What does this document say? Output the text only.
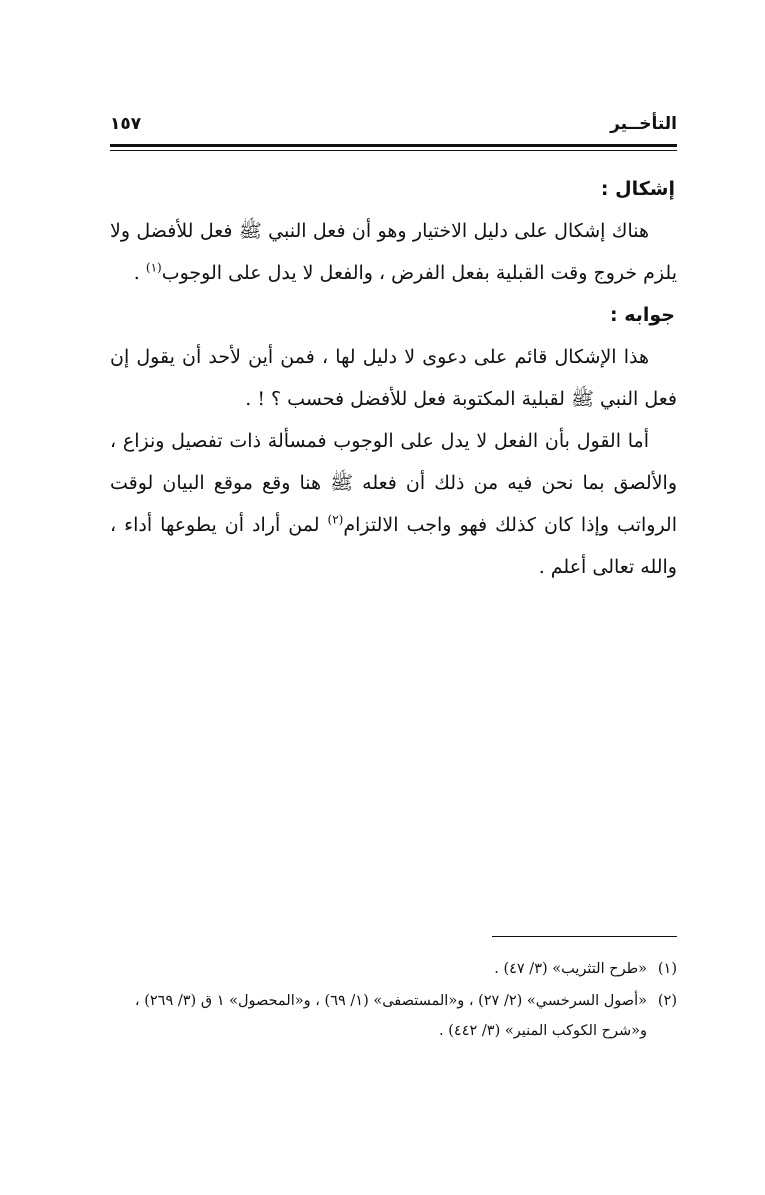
التأخــير
١٥٧

إشكال :

هناك إشكال على دليل الاختيار وهو أن فعل النبي ﷺ فعل للأفضل ولا يلزم خروج وقت القبلية بفعل الفرض ، والفعل لا يدل على الوجوب$^{(١)}$ .

جوابه :

هذا الإشكال قائم على دعوى لا دليل لها ، فمن أين لأحد أن يقول إن فعل النبي ﷺ لقبلية المكتوبة فعل للأفضل فحسب ؟ ! .

أما القول بأن الفعل لا يدل على الوجوب فمسألة ذات تفصيل ونزاع ، والألصق بما نحن فيه من ذلك أن فعله ﷺ هنا وقع موقع البيان لوقت الرواتب وإذا كان كذلك فهو واجب الالتزام$^{(٢)}$ لمن أراد أن يطوعها أداء ، والله تعالى أعلم .

(١)
«طرح التثريب» (٣/ ٤٧) .

(٢)
«أصول السرخسي» (٢/ ٢٧) ، و«المستصفى» (١/ ٦٩) ، و«المحصول» ١ ق (٣/ ٢٦٩) ، و«شرح الكوكب المنير» (٣/ ٤٤٢) .
